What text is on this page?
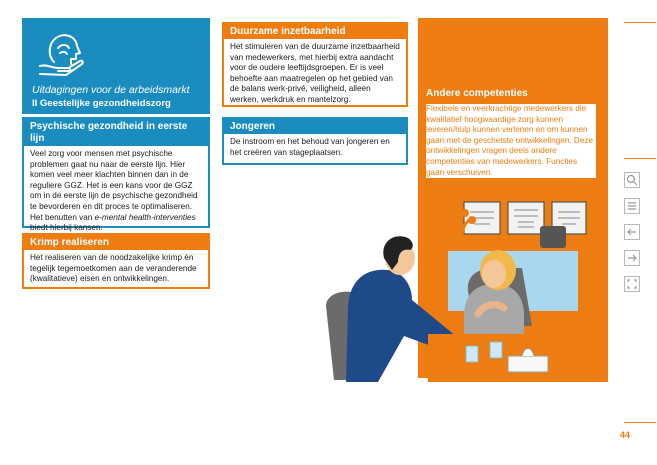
Uitdagingen voor de arbeidsmarkt
II Geestelijke gezondheidszorg
Psychische gezondheid in eerste lijn
Veel zorg voor mensen met psychische problemen gaat nu naar de eerste lijn. Hier komen veel meer klachten binnen dan in de reguliere GGZ. Het is een kans voor de GGZ om in de eerste lijn de psychische gezondheid te bevorderen en dit proces te optimaliseren. Het benutten van e-mental health-interventies biedt hierbij kansen.
Krimp realiseren
Het realiseren van de noodzakelijke krimp én tegelijk tegemoetkomen aan de veranderende (kwalitatieve) eisen en ontwikkelingen.
Duurzame inzetbaarheid
Het stimuleren van de duurzame inzetbaarheid van medewerkers, met hierbij extra aandacht voor de oudere leeftijdsgroepen. Er is veel behoefte aan maatregelen op het gebied van de balans werk-privé, veiligheid, alleen werken, werkdruk en mantelzorg.
Jongeren
De instroom en het behoud van jongeren en het creëren van stageplaatsen.
Andere competenties
Flexibele en veerkrachtige medewerkers die kwalitatief hoogwaardige zorg kunnen leveren/hulp kunnen verlenen en om kunnen gaan met de geschetste ontwikkelingen. Deze ontwikkelingen vragen deels andere competenties van medewerkers. Functies gaan verschuiven.
44
